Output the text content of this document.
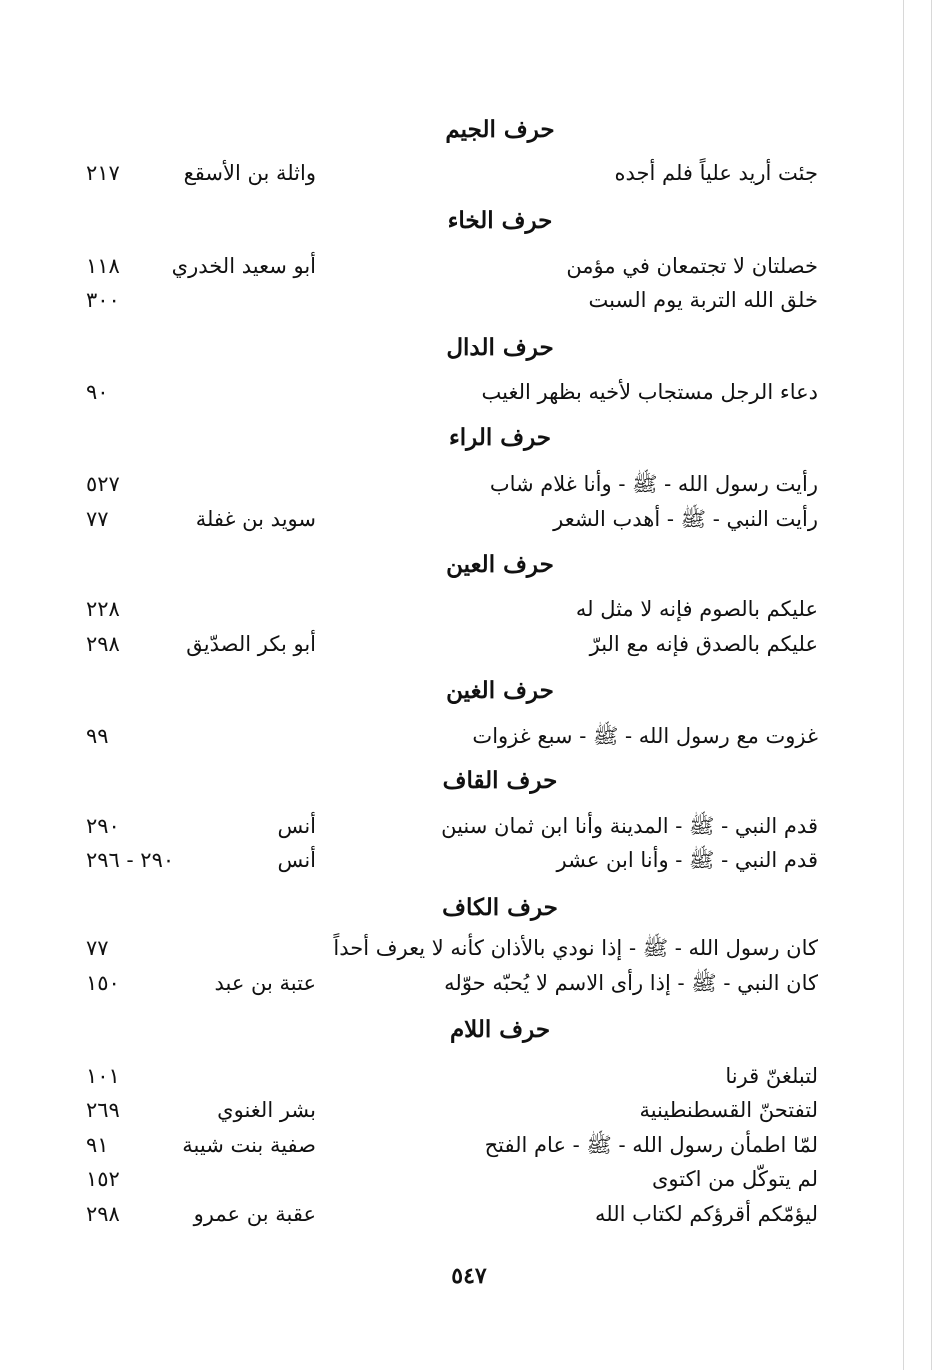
حرف الجيم
جئت أريد علياً فلم أجده
واثلة بن الأسقع
٢١٧
حرف الخاء
خصلتان لا تجتمعان في مؤمن
أبو سعيد الخدري
١١٨
خلق الله التربة يوم السبت
٣٠٠
حرف الدال
دعاء الرجل مستجاب لأخيه بظهر الغيب
٩٠
حرف الراء
رأيت رسول الله - ﷺ - وأنا غلام شاب
٥٢٧
رأيت النبي - ﷺ - أهدب الشعر
سويد بن غفلة
٧٧
حرف العين
عليكم بالصوم فإنه لا مثل له
٢٢٨
عليكم بالصدق فإنه مع البرّ
أبو بكر الصدّيق
٢٩٨
حرف الغين
غزوت مع رسول الله - ﷺ - سبع غزوات
٩٩
حرف القاف
قدم النبي - ﷺ - المدينة وأنا ابن ثمان سنين
أنس
٢٩٠
قدم النبي - ﷺ - وأنا ابن عشر
أنس
٢٩٠ - ٢٩٦
حرف الكاف
كان رسول الله - ﷺ - إذا نودي بالأذان كأنه لا يعرف أحداً
٧٧
كان النبي - ﷺ - إذا رأى الاسم لا يُحبّه حوّله
عتبة بن عبد
١٥٠
حرف اللام
لتبلغنّ قرنا
١٠١
لتفتحنّ القسطنطينية
بشر الغنوي
٢٦٩
لمّا اطمأن رسول الله - ﷺ - عام الفتح
صفية بنت شيبة
٩١
لم يتوكّل من اكتوى
١٥٢
ليؤمّكم أقرؤكم لكتاب الله
عقبة بن عمرو
٢٩٨
٥٤٧
